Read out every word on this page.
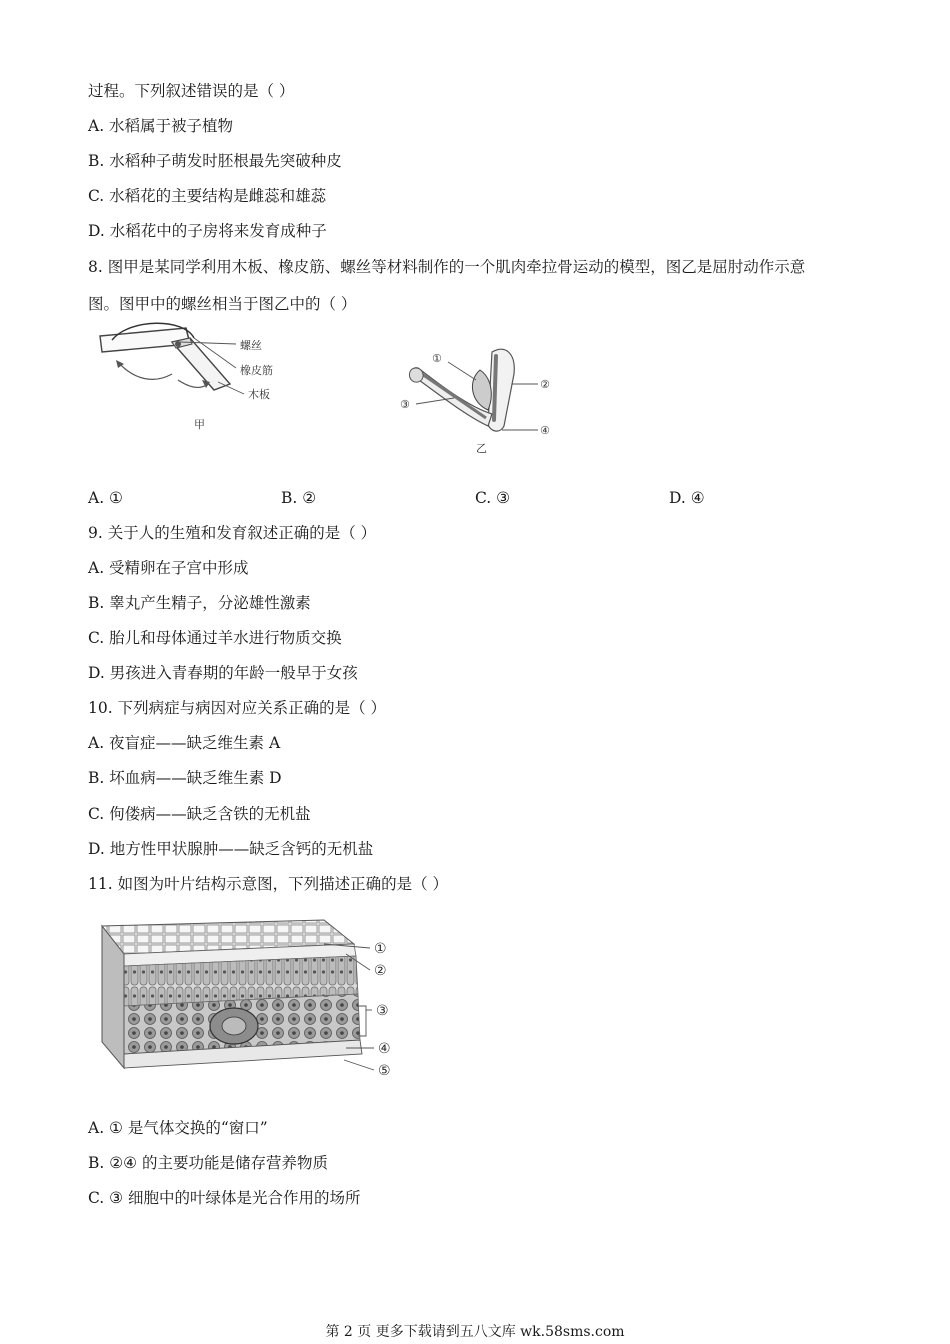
过程。下列叙述错误的是（ ）
A. 水稻属于被子植物
B. 水稻种子萌发时胚根最先突破种皮
C. 水稻花的主要结构是雌蕊和雄蕊
D. 水稻花中的子房将来发育成种子
8. 图甲是某同学利用木板、橡皮筋、螺丝等材料制作的一个肌肉牵拉骨运动的模型，图乙是屈肘动作示意
图。图甲中的螺丝相当于图乙中的（ ）
螺丝
橡皮筋
木板
甲
①
②
③
④
乙
A. ①	B. ②	C. ③	D. ④
9. 关于人的生殖和发育叙述正确的是（ ）
A. 受精卵在子宫中形成
B. 睾丸产生精子，分泌雄性激素
C. 胎儿和母体通过羊水进行物质交换
D. 男孩进入青春期的年龄一般早于女孩
10. 下列病症与病因对应关系正确的是（ ）
A. 夜盲症——缺乏维生素 A
B. 坏血病——缺乏维生素 D
C. 佝偻病——缺乏含铁的无机盐
D. 地方性甲状腺肿——缺乏含钙的无机盐
11. 如图为叶片结构示意图，下列描述正确的是（ ）
①
②
③
④
⑤
A. ① 是气体交换的“窗口”
B. ②④ 的主要功能是储存营养物质
C. ③ 细胞中的叶绿体是光合作用的场所
第 2 页 更多下载请到五八文库 wk.58sms.com
